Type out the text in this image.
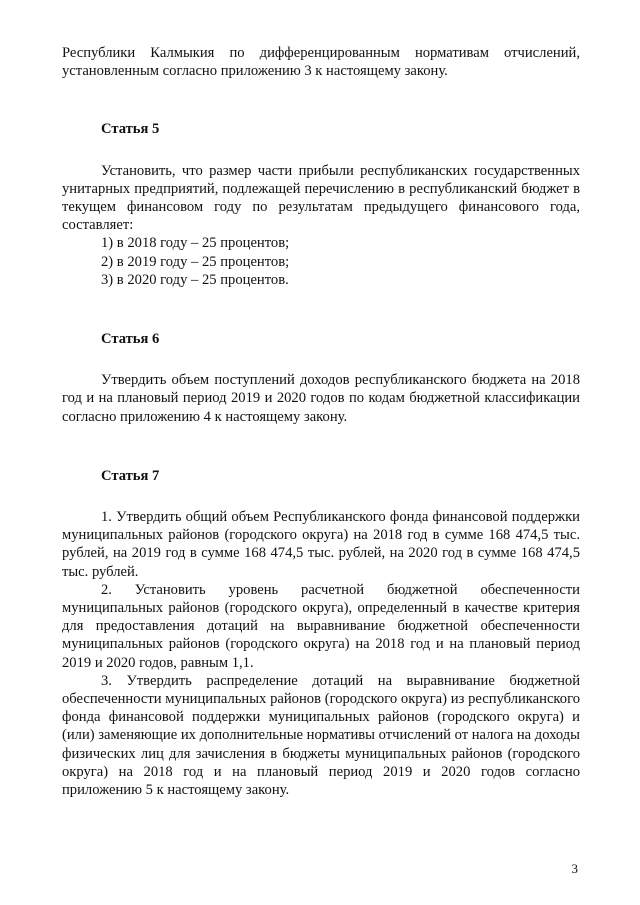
Республики Калмыкия по дифференцированным нормативам отчислений, установленным согласно приложению 3 к настоящему закону.

Статья 5

Установить, что размер части прибыли республиканских государственных унитарных предприятий, подлежащей перечислению в республиканский бюджет в текущем финансовом году по результатам предыдущего финансового года, составляет:

1) в 2018 году – 25 процентов;

2) в 2019 году – 25 процентов;

3) в 2020 году – 25 процентов.

Статья 6

Утвердить объем поступлений доходов республиканского бюджета на 2018 год и на плановый период 2019 и 2020 годов по кодам бюджетной классификации согласно приложению 4 к настоящему закону.

Статья 7

1. Утвердить общий объем Республиканского фонда финансовой поддержки муниципальных районов (городского округа) на 2018 год в сумме 168 474,5 тыс. рублей, на 2019 год в сумме 168 474,5 тыс. рублей, на 2020 год в сумме 168 474,5 тыс. рублей.

2. Установить уровень расчетной бюджетной обеспеченности муниципальных районов (городского округа), определенный в качестве критерия для предоставления дотаций на выравнивание бюджетной обеспеченности муниципальных районов (городского округа) на 2018 год и на плановый период 2019 и 2020 годов, равным 1,1.

3. Утвердить распределение дотаций на выравнивание бюджетной обеспеченности муниципальных районов (городского округа) из республиканского фонда финансовой поддержки муниципальных районов (городского округа) и (или) заменяющие их дополнительные нормативы отчислений от налога на доходы физических лиц для зачисления в бюджеты муниципальных районов (городского округа) на 2018 год и на плановый период 2019 и 2020 годов согласно приложению 5 к настоящему закону.

3
